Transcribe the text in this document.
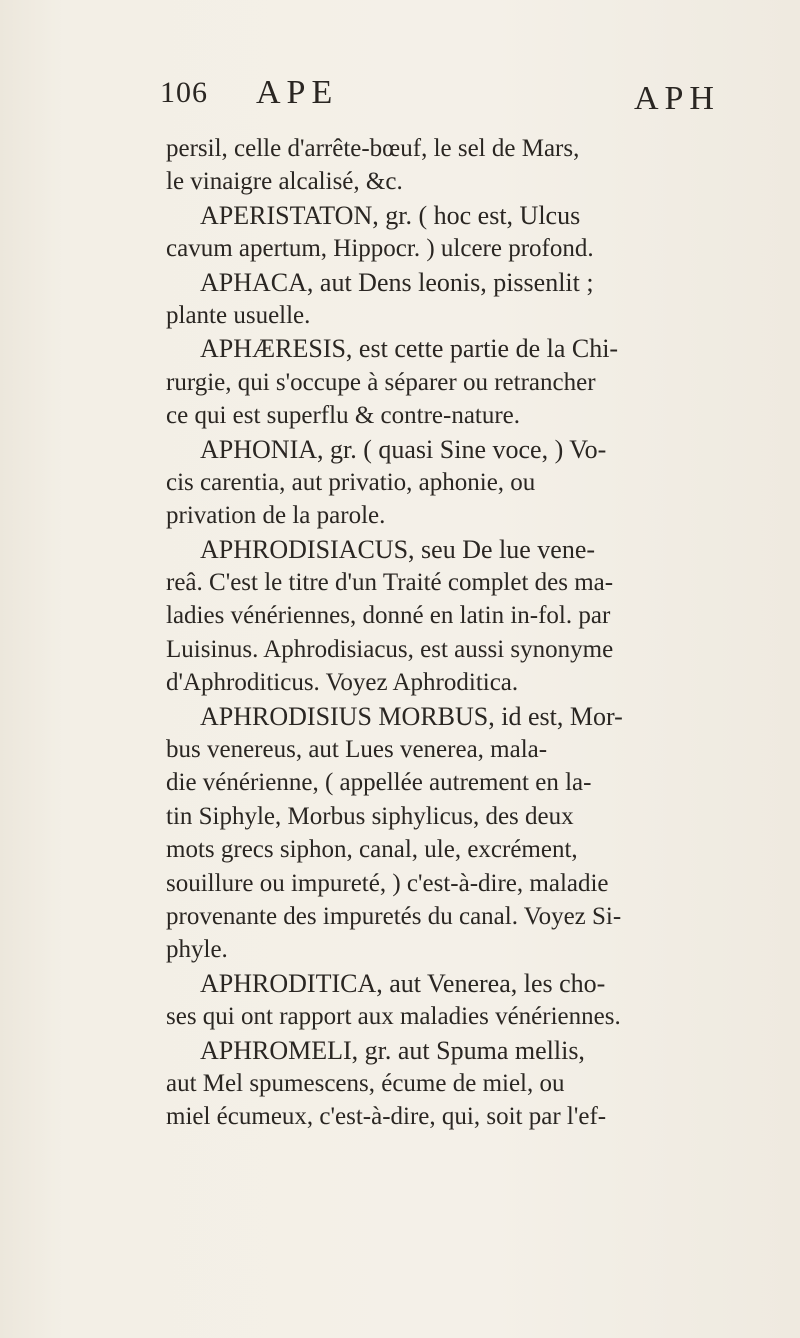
106 APE	APH
persil, celle d'arrête-bœuf, le sel de Mars,
le vinaigre alcalisé, &c.
APERISTATON, gr. ( hoc est, Ulcus
cavum apertum, Hippocr. ) ulcere profond.
APHACA, aut Dens leonis, pissenlit ;
plante usuelle.
APHÆRESIS, est cette partie de la Chi-
rurgie, qui s'occupe à séparer ou retrancher
ce qui est superflu & contre-nature.
APHONIA, gr. ( quasi Sine voce, ) Vo-
cis carentia, aut privatio, aphonie, ou
privation de la parole.
APHRODISIACUS, seu De lue vene-
reâ. C'est le titre d'un Traité complet des ma-
ladies vénériennes, donné en latin in-fol. par
Luisinus. Aphrodisiacus, est aussi synonyme
d'Aphroditicus. Voyez Aphroditica.
APHRODISIUS MORBUS, id est, Mor-
bus venereus, aut Lues venerea, mala-
die vénérienne, ( appellée autrement en la-
tin Siphyle, Morbus siphylicus, des deux
mots grecs siphon, canal, ule, excrément,
souillure ou impureté, ) c'est-à-dire, maladie
provenante des impuretés du canal. Voyez Si-
phyle.
APHRODITICA, aut Venerea, les cho-
ses qui ont rapport aux maladies vénériennes.
APHROMELI, gr. aut Spuma mellis,
aut Mel spumescens, écume de miel, ou
miel écumeux, c'est-à-dire, qui, soit par l'ef-
